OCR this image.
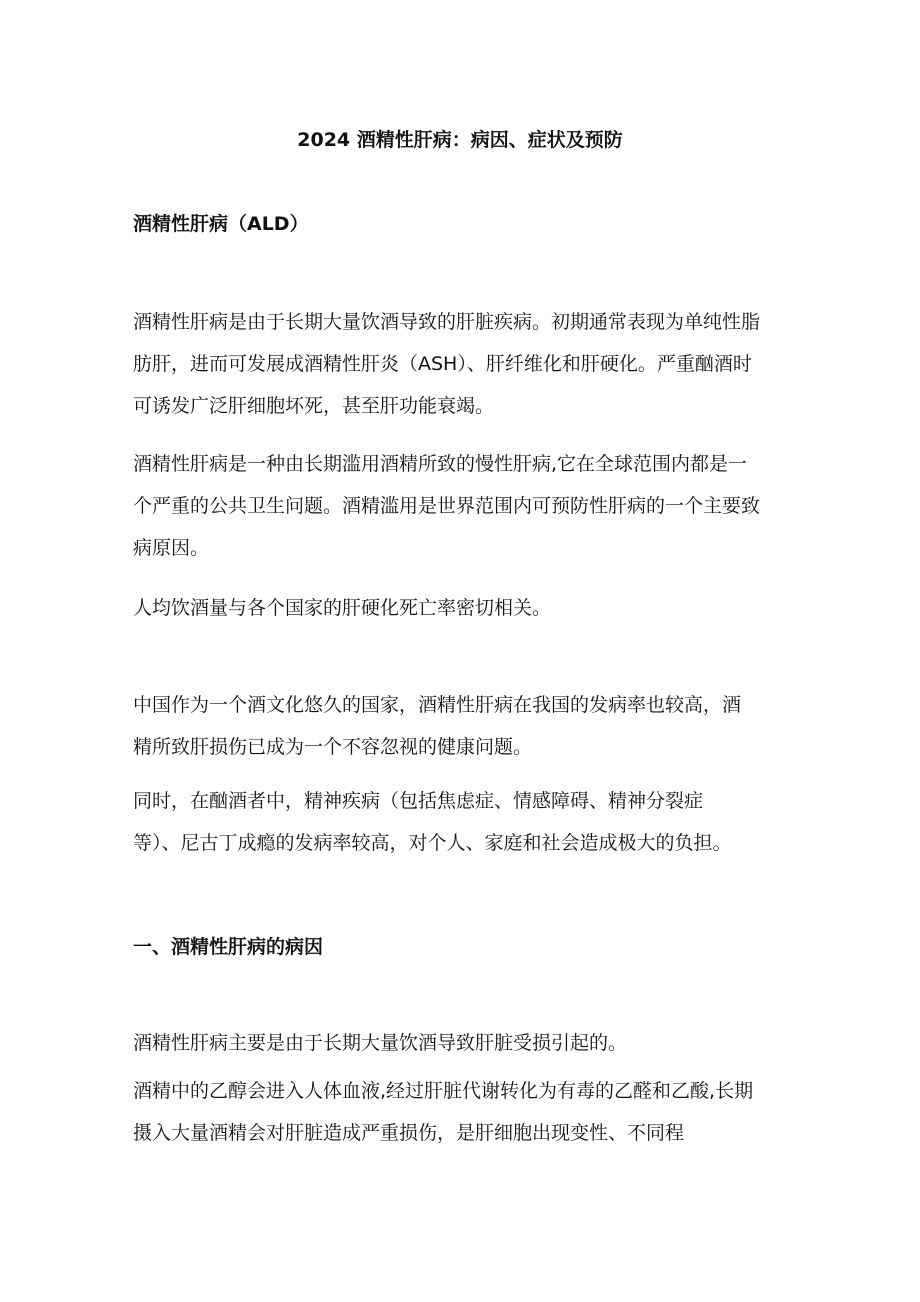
2024 酒精性肝病：病因、症状及预防
酒精性肝病（ALD）

酒精性肝病是由于长期大量饮酒导致的肝脏疾病。初期通常表现为单纯性脂
肪肝，进而可发展成酒精性肝炎（ASH）、肝纤维化和肝硬化。严重酗酒时
可诱发广泛肝细胞坏死，甚至肝功能衰竭。

酒精性肝病是一种由长期滥用酒精所致的慢性肝病,它在全球范围内都是一
个严重的公共卫生问题。酒精滥用是世界范围内可预防性肝病的一个主要致
病原因。

人均饮酒量与各个国家的肝硬化死亡率密切相关。

中国作为一个酒文化悠久的国家，酒精性肝病在我国的发病率也较高，酒
精所致肝损伤已成为一个不容忽视的健康问题。

同时，在酗酒者中，精神疾病（包括焦虑症、情感障碍、精神分裂症
等）、尼古丁成瘾的发病率较高，对个人、家庭和社会造成极大的负担。

一、酒精性肝病的病因

酒精性肝病主要是由于长期大量饮酒导致肝脏受损引起的。

酒精中的乙醇会进入人体血液,经过肝脏代谢转化为有毒的乙醛和乙酸,长期
摄入大量酒精会对肝脏造成严重损伤，是肝细胞出现变性、不同程
